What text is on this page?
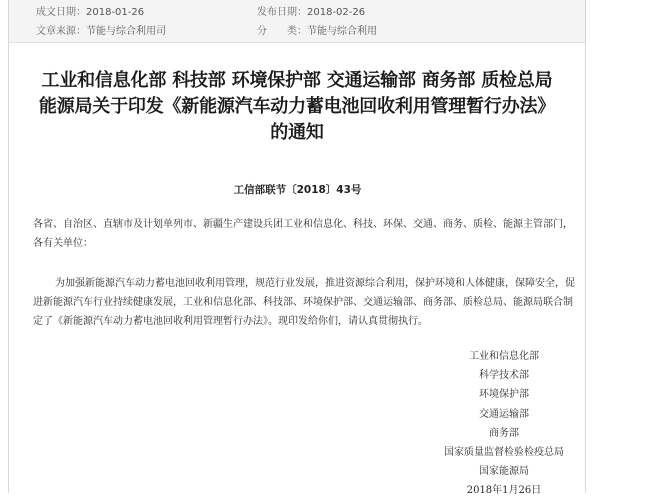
成文日期：2018-01-26	发布日期：2018-02-26
文章来源：节能与综合利用司	分　　类：节能与综合利用
工业和信息化部 科技部 环境保护部 交通运输部 商务部 质检总局 能源局关于印发《新能源汽车动力蓄电池回收利用管理暂行办法》的通知
工信部联节〔2018〕43号
各省、自治区、直辖市及计划单列市、新疆生产建设兵团工业和信息化、科技、环保、交通、商务、质检、能源主管部门，各有关单位：
为加强新能源汽车动力蓄电池回收利用管理，规范行业发展，推进资源综合利用，保护环境和人体健康，保障安全，促进新能源汽车行业持续健康发展，工业和信息化部、科技部、环境保护部、交通运输部、商务部、质检总局、能源局联合制定了《新能源汽车动力蓄电池回收利用管理暂行办法》。现印发给你们，请认真贯彻执行。
工业和信息化部
科学技术部
环境保护部
交通运输部
商务部
国家质量监督检验检疫总局
国家能源局
2018年1月26日
